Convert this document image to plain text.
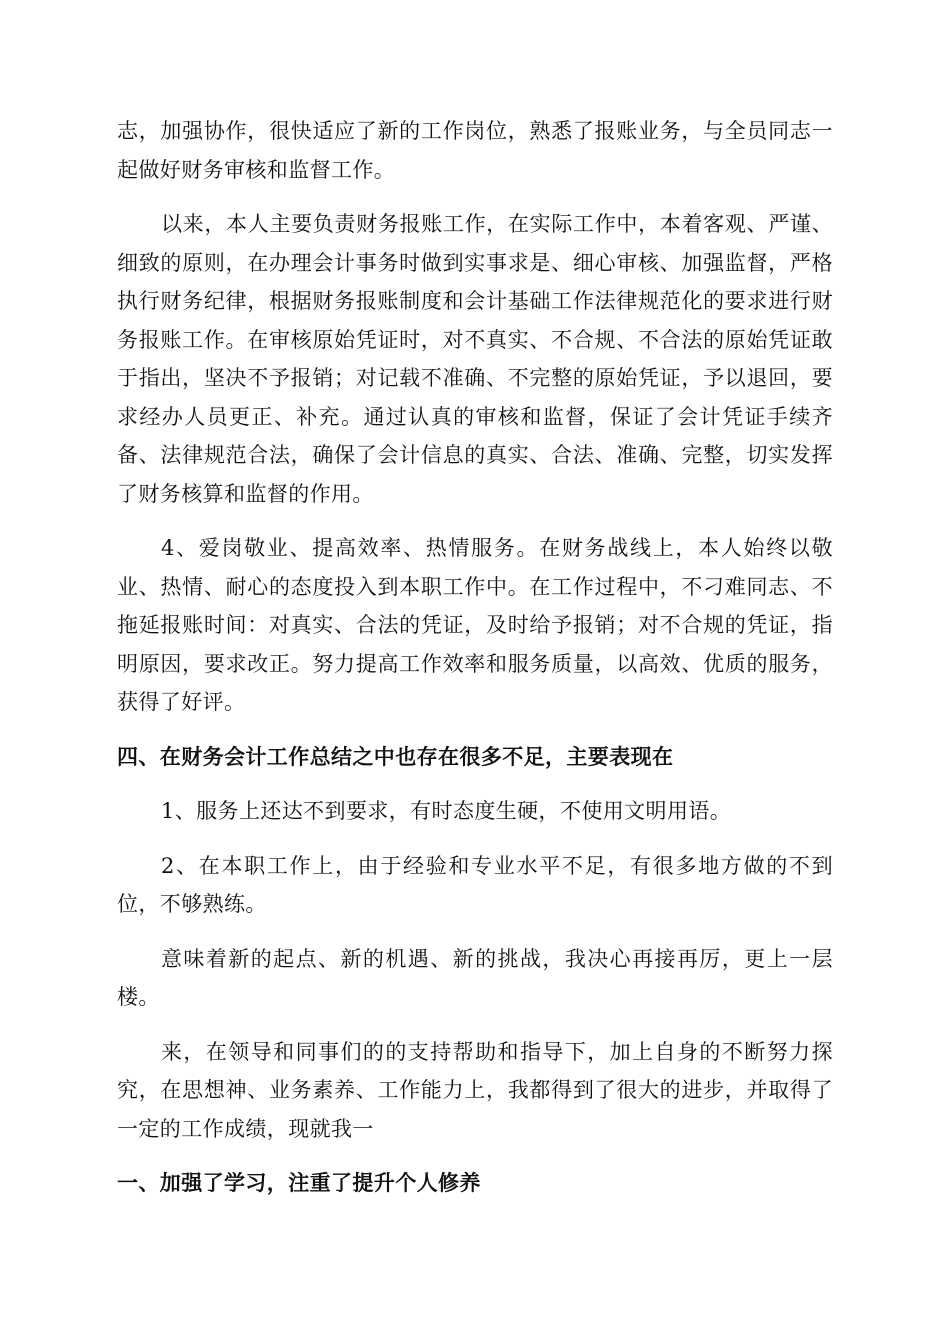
志，加强协作，很快适应了新的工作岗位，熟悉了报账业务，与全员同志一起做好财务审核和监督工作。

以来，本人主要负责财务报账工作，在实际工作中，本着客观、严谨、细致的原则，在办理会计事务时做到实事求是、细心审核、加强监督，严格执行财务纪律，根据财务报账制度和会计基础工作法律规范化的要求进行财务报账工作。在审核原始凭证时，对不真实、不合规、不合法的原始凭证敢于指出，坚决不予报销；对记载不准确、不完整的原始凭证，予以退回，要求经办人员更正、补充。通过认真的审核和监督，保证了会计凭证手续齐备、法律规范合法，确保了会计信息的真实、合法、准确、完整，切实发挥了财务核算和监督的作用。

4、爱岗敬业、提高效率、热情服务。在财务战线上，本人始终以敬业、热情、耐心的态度投入到本职工作中。在工作过程中，不刁难同志、不拖延报账时间：对真实、合法的凭证，及时给予报销；对不合规的凭证，指明原因，要求改正。努力提高工作效率和服务质量，以高效、优质的服务，获得了好评。

四、在财务会计工作总结之中也存在很多不足，主要表现在

1、服务上还达不到要求，有时态度生硬，不使用文明用语。

2、在本职工作上，由于经验和专业水平不足，有很多地方做的不到位，不够熟练。

意味着新的起点、新的机遇、新的挑战，我决心再接再厉，更上一层楼。

来，在领导和同事们的的支持帮助和指导下，加上自身的不断努力探究，在思想神、业务素养、工作能力上，我都得到了很大的进步，并取得了一定的工作成绩，现就我一

一、加强了学习，注重了提升个人修养
